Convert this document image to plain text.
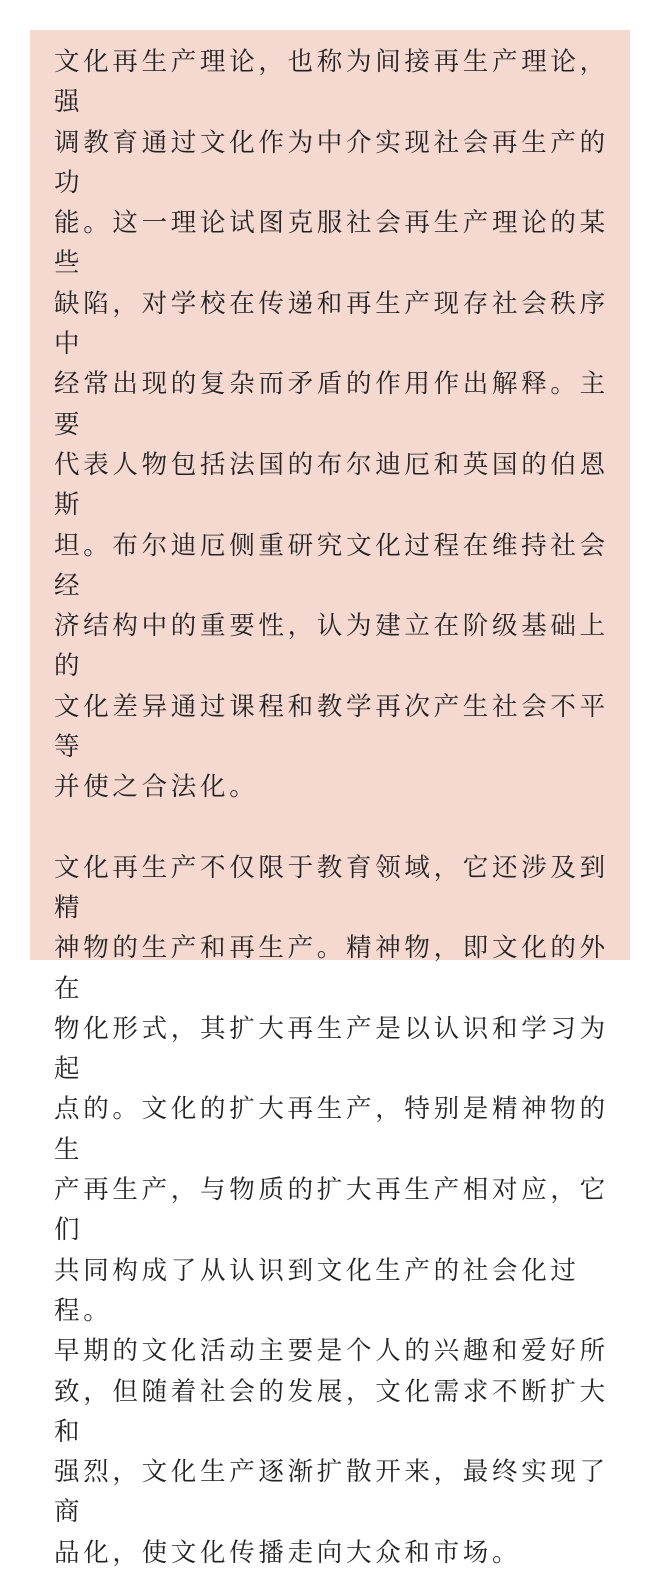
文化再生产理论，也称为间接再生产理论，强
调教育通过文化作为中介实现社会再生产的功
能。这一理论试图克服社会再生产理论的某些
缺陷，对学校在传递和再生产现存社会秩序中
经常出现的复杂而矛盾的作用作出解释。主要
代表人物包括法国的布尔迪厄和英国的伯恩斯
坦。布尔迪厄侧重研究文化过程在维持社会经
济结构中的重要性，认为建立在阶级基础上的
文化差异通过课程和教学再次产生社会不平等
并使之合法化。

文化再生产不仅限于教育领域，它还涉及到精
神物的生产和再生产。精神物，即文化的外在
物化形式，其扩大再生产是以认识和学习为起
点的。文化的扩大再生产，特别是精神物的生
产再生产，与物质的扩大再生产相对应，它们
共同构成了从认识到文化生产的社会化过程。
早期的文化活动主要是个人的兴趣和爱好所
致，但随着社会的发展，文化需求不断扩大和
强烈，文化生产逐渐扩散开来，最终实现了商
品化，使文化传播走向大众和市场。
